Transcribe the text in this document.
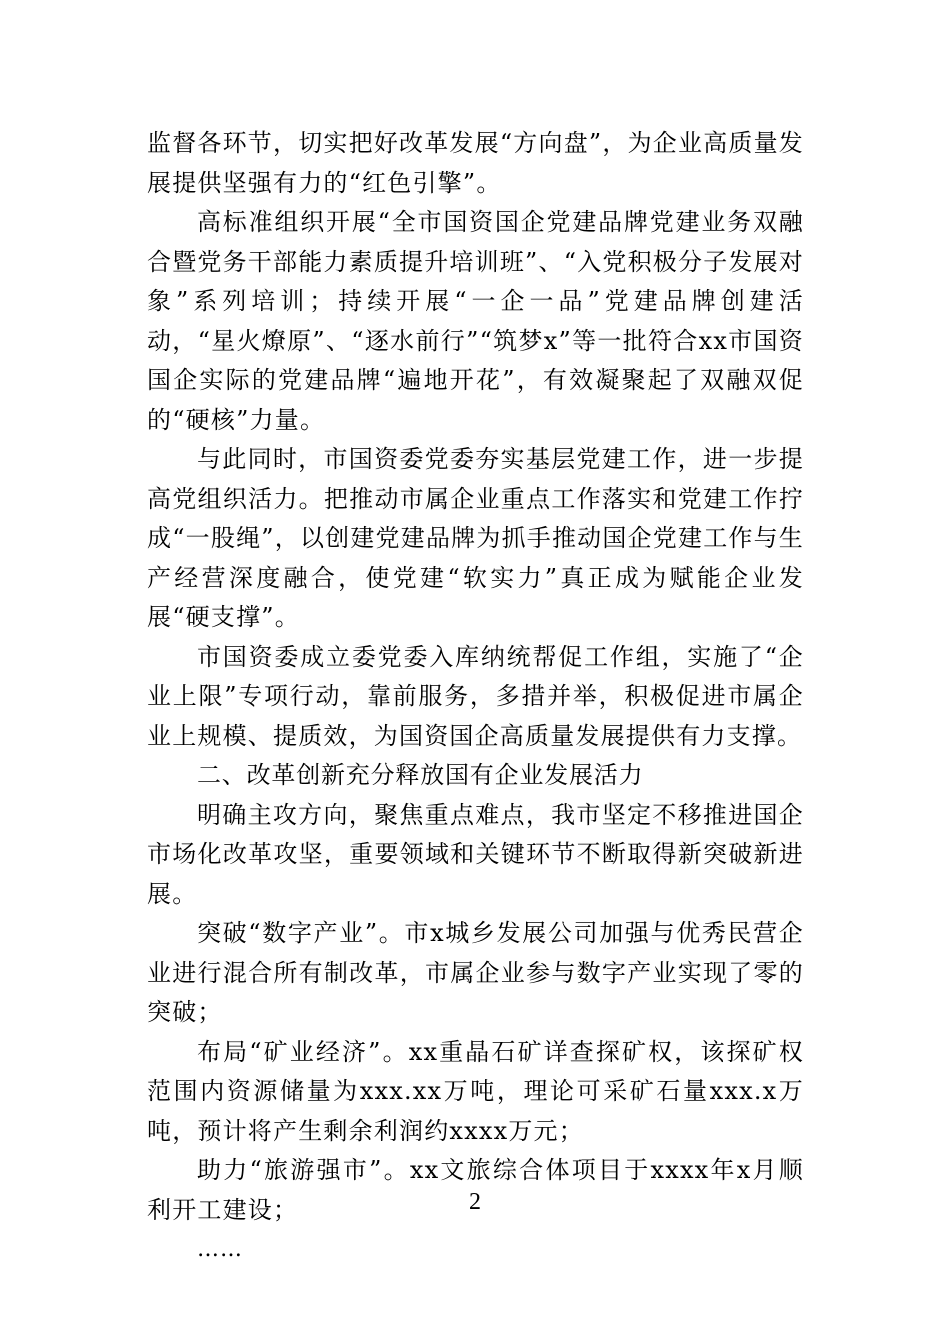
监督各环节，切实把好改革发展“方向盘”，为企业高质量发展提供坚强有力的“红色引擎”。

高标准组织开展“全市国资国企党建品牌党建业务双融合暨党务干部能力素质提升培训班”、“入党积极分子发展对象”系列培训；持续开展“一企一品”党建品牌创建活动，“星火燎原”、“逐水前行”“筑梦x”等一批符合xx市国资国企实际的党建品牌“遍地开花”，有效凝聚起了双融双促的“硬核”力量。

与此同时，市国资委党委夯实基层党建工作，进一步提高党组织活力。把推动市属企业重点工作落实和党建工作拧成“一股绳”，以创建党建品牌为抓手推动国企党建工作与生产经营深度融合，使党建“软实力”真正成为赋能企业发展“硬支撑”。

市国资委成立委党委入库纳统帮促工作组，实施了“企业上限”专项行动，靠前服务，多措并举，积极促进市属企业上规模、提质效，为国资国企高质量发展提供有力支撑。

二、改革创新充分释放国有企业发展活力

明确主攻方向，聚焦重点难点，我市坚定不移推进国企市场化改革攻坚，重要领域和关键环节不断取得新突破新进展。

突破“数字产业”。市x城乡发展公司加强与优秀民营企业进行混合所有制改革，市属企业参与数字产业实现了零的突破；

布局“矿业经济”。xx重晶石矿详查探矿权，该探矿权范围内资源储量为xxx.xx万吨，理论可采矿石量xxx.x万吨，预计将产生剩余利润约xxxx万元；

助力“旅游强市”。xx文旅综合体项目于xxxx年x月顺利开工建设；

……

2
